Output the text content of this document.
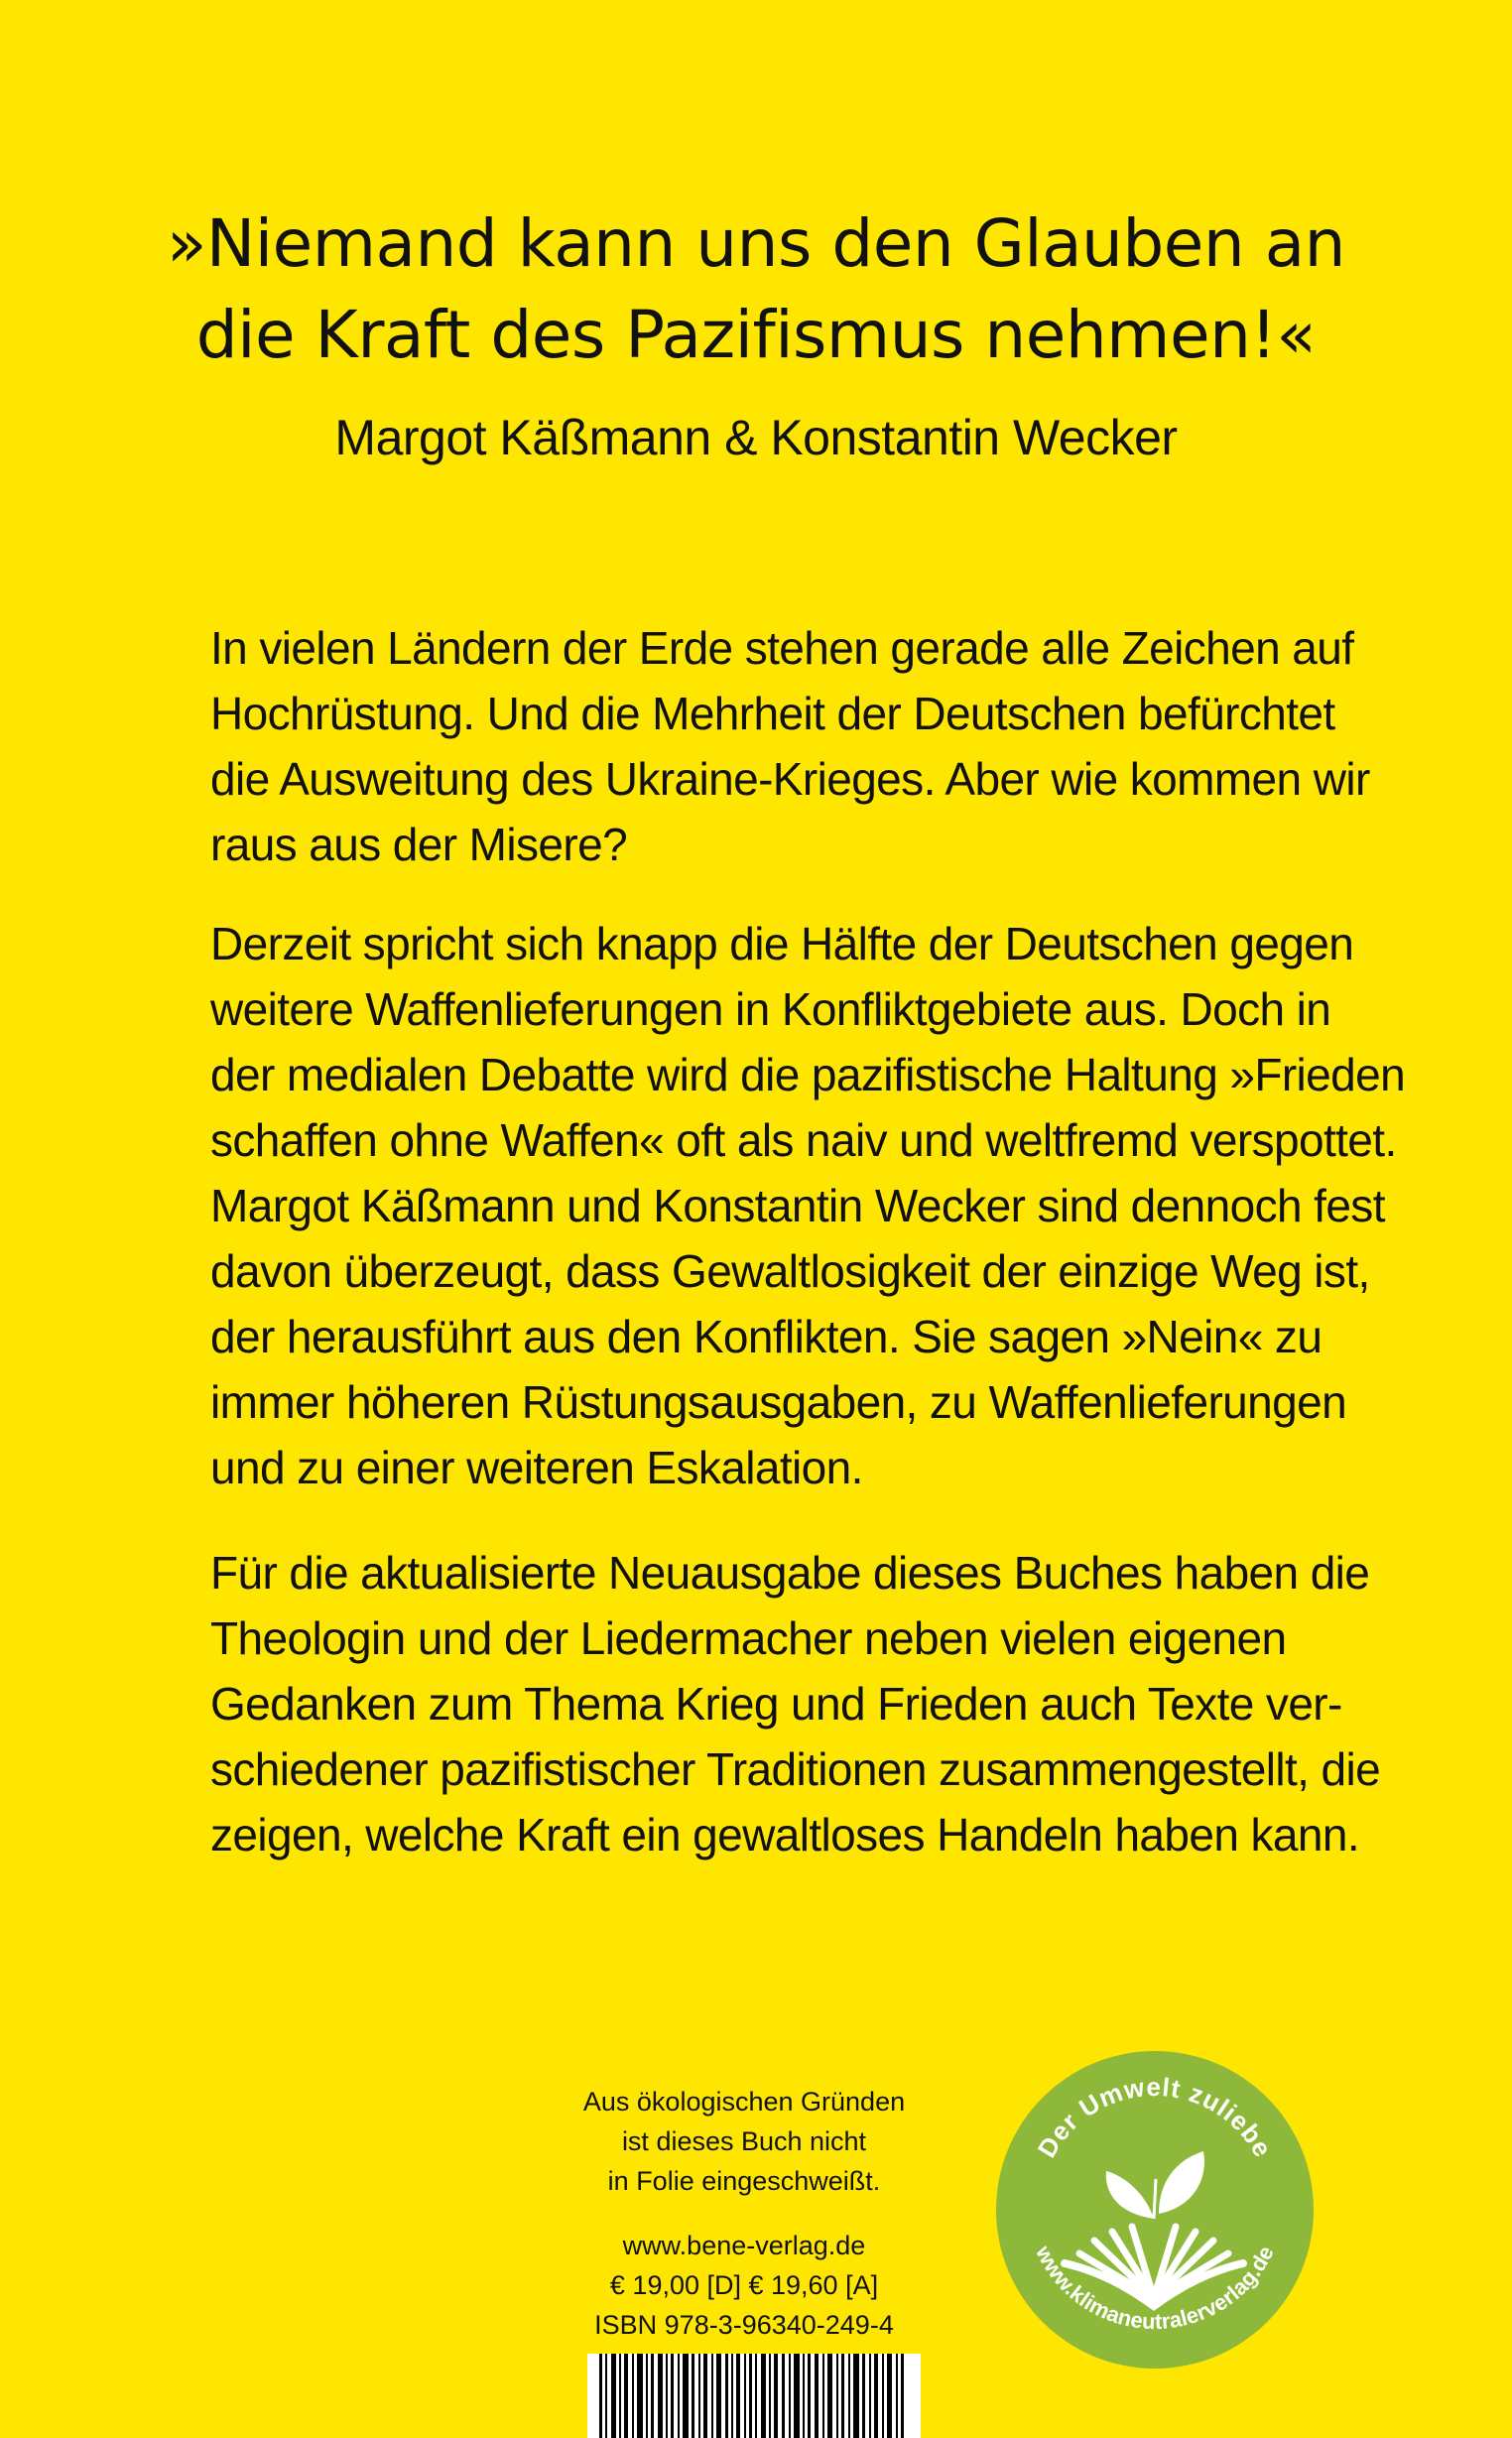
»Niemand kann uns den Glauben an
die Kraft des Pazifismus nehmen!«
Margot Käßmann & Konstantin Wecker
In vielen Ländern der Erde stehen gerade alle Zeichen auf
Hochrüstung. Und die Mehrheit der Deutschen befürchtet
die Ausweitung des Ukraine-Krieges. Aber wie kommen wir
raus aus der Misere?
Derzeit spricht sich knapp die Hälfte der Deutschen gegen
weitere Waffenlieferungen in Konfliktgebiete aus. Doch in
der medialen Debatte wird die pazifistische Haltung »Frieden
schaffen ohne Waffen« oft als naiv und weltfremd verspottet.
Margot Käßmann und Konstantin Wecker sind dennoch fest
davon überzeugt, dass Gewaltlosigkeit der einzige Weg ist,
der herausführt aus den Konflikten. Sie sagen »Nein« zu
immer höheren Rüstungsausgaben, zu Waffenlieferungen
und zu einer weiteren Eskalation.
Für die aktualisierte Neuausgabe dieses Buches haben die
Theologin und der Liedermacher neben vielen eigenen
Gedanken zum Thema Krieg und Frieden auch Texte ver-
schiedener pazifistischer Traditionen zusammengestellt, die
zeigen, welche Kraft ein gewaltloses Handeln haben kann.
Aus ökologischen Gründen
ist dieses Buch nicht
in Folie eingeschweißt.
www.bene-verlag.de
€ 19,00 [D] € 19,60 [A]
ISBN 978-3-96340-249-4
Der Umwelt zuliebe
www.klimaneutralerverlag.de
